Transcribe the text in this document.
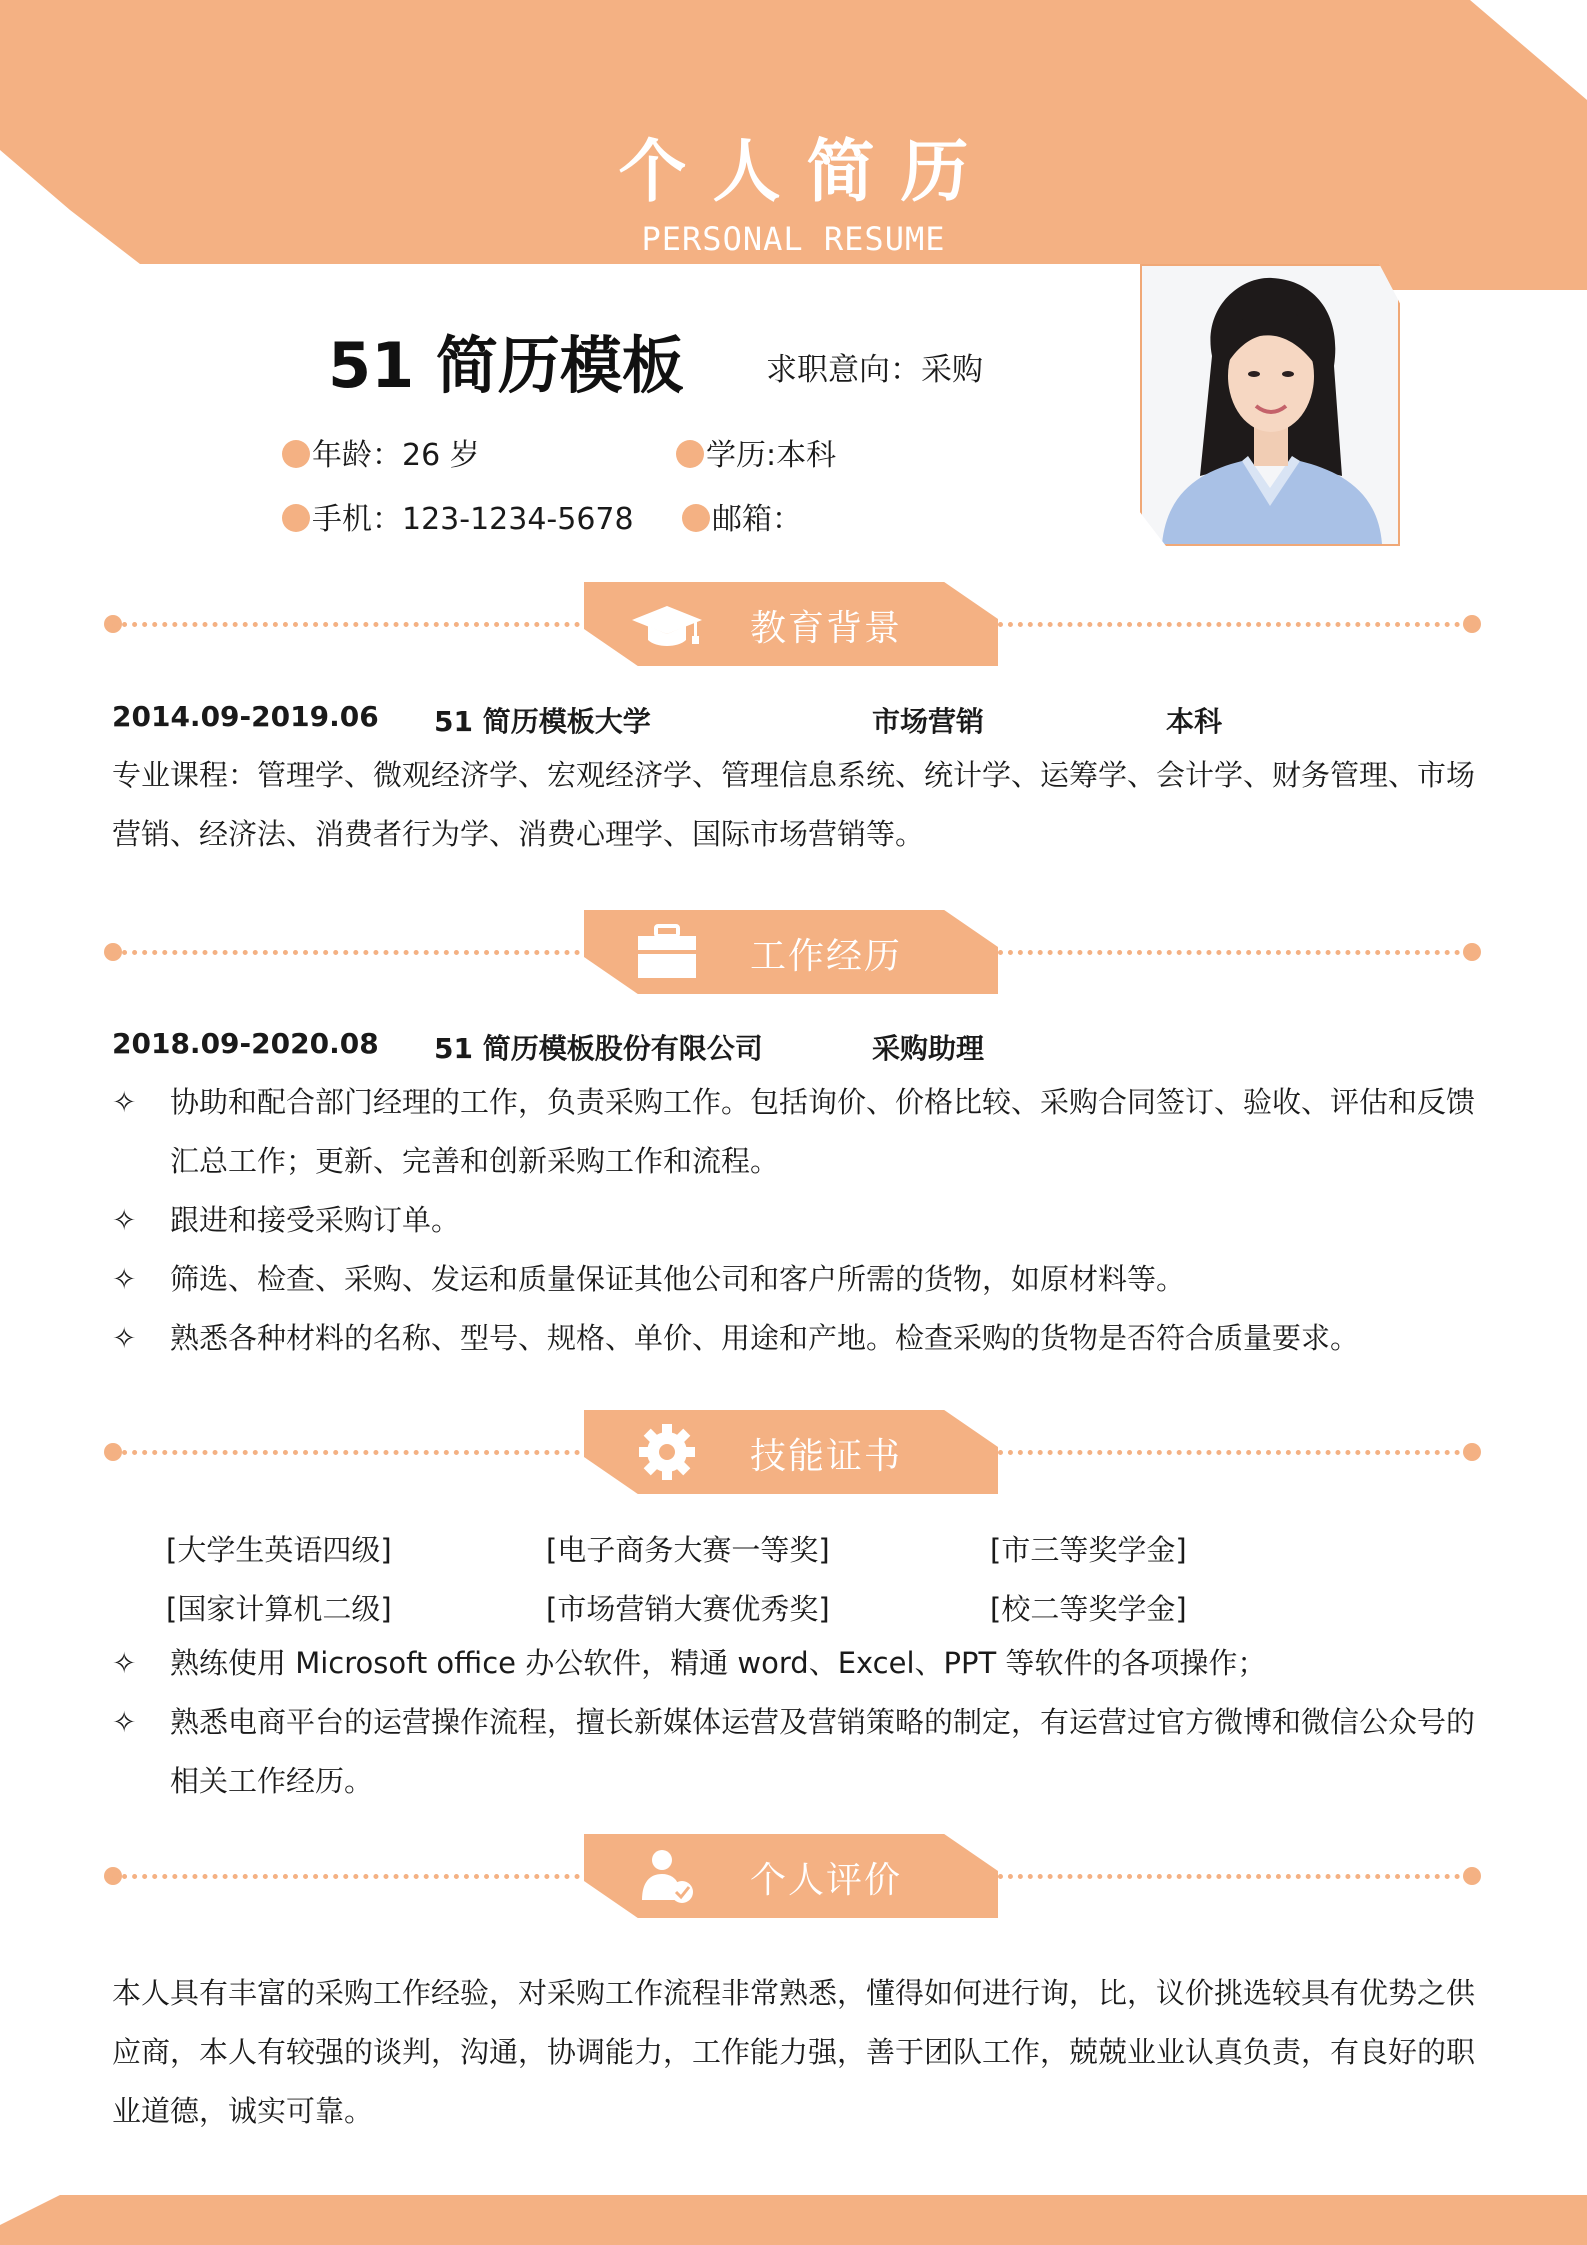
个人简历
PERSONAL RESUME
51 简历模板	求职意向：采购
年龄：26 岁	学历:本科
手机：123-1234-5678	邮箱：
教育背景
2014.09-2019.06 51 简历模板大学	市场营销	本科
专业课程：管理学、微观经济学、宏观经济学、管理信息系统、统计学、运筹学、会计学、财务管理、市场营销、经济法、消费者行为学、消费心理学、国际市场营销等。
工作经历
2018.09-2020.08 51 简历模板股份有限公司	采购助理
✧ 协助和配合部门经理的工作，负责采购工作。包括询价、价格比较、采购合同签订、验收、评估和反馈汇总工作；更新、完善和创新采购工作和流程。
✧ 跟进和接受采购订单。
✧ 筛选、检查、采购、发运和质量保证其他公司和客户所需的货物，如原材料等。
✧ 熟悉各种材料的名称、型号、规格、单价、用途和产地。检查采购的货物是否符合质量要求。
技能证书
[大学生英语四级]	[电子商务大赛一等奖]	[市三等奖学金]
[国家计算机二级]	[市场营销大赛优秀奖]	[校二等奖学金]
✧ 熟练使用 Microsoft office 办公软件，精通 word、Excel、PPT 等软件的各项操作；
✧ 熟悉电商平台的运营操作流程，擅长新媒体运营及营销策略的制定，有运营过官方微博和微信公众号的相关工作经历。
个人评价
本人具有丰富的采购工作经验，对采购工作流程非常熟悉，懂得如何进行询，比，议价挑选较具有优势之供应商，本人有较强的谈判，沟通，协调能力，工作能力强，善于团队工作，兢兢业业认真负责，有良好的职业道德，诚实可靠。
